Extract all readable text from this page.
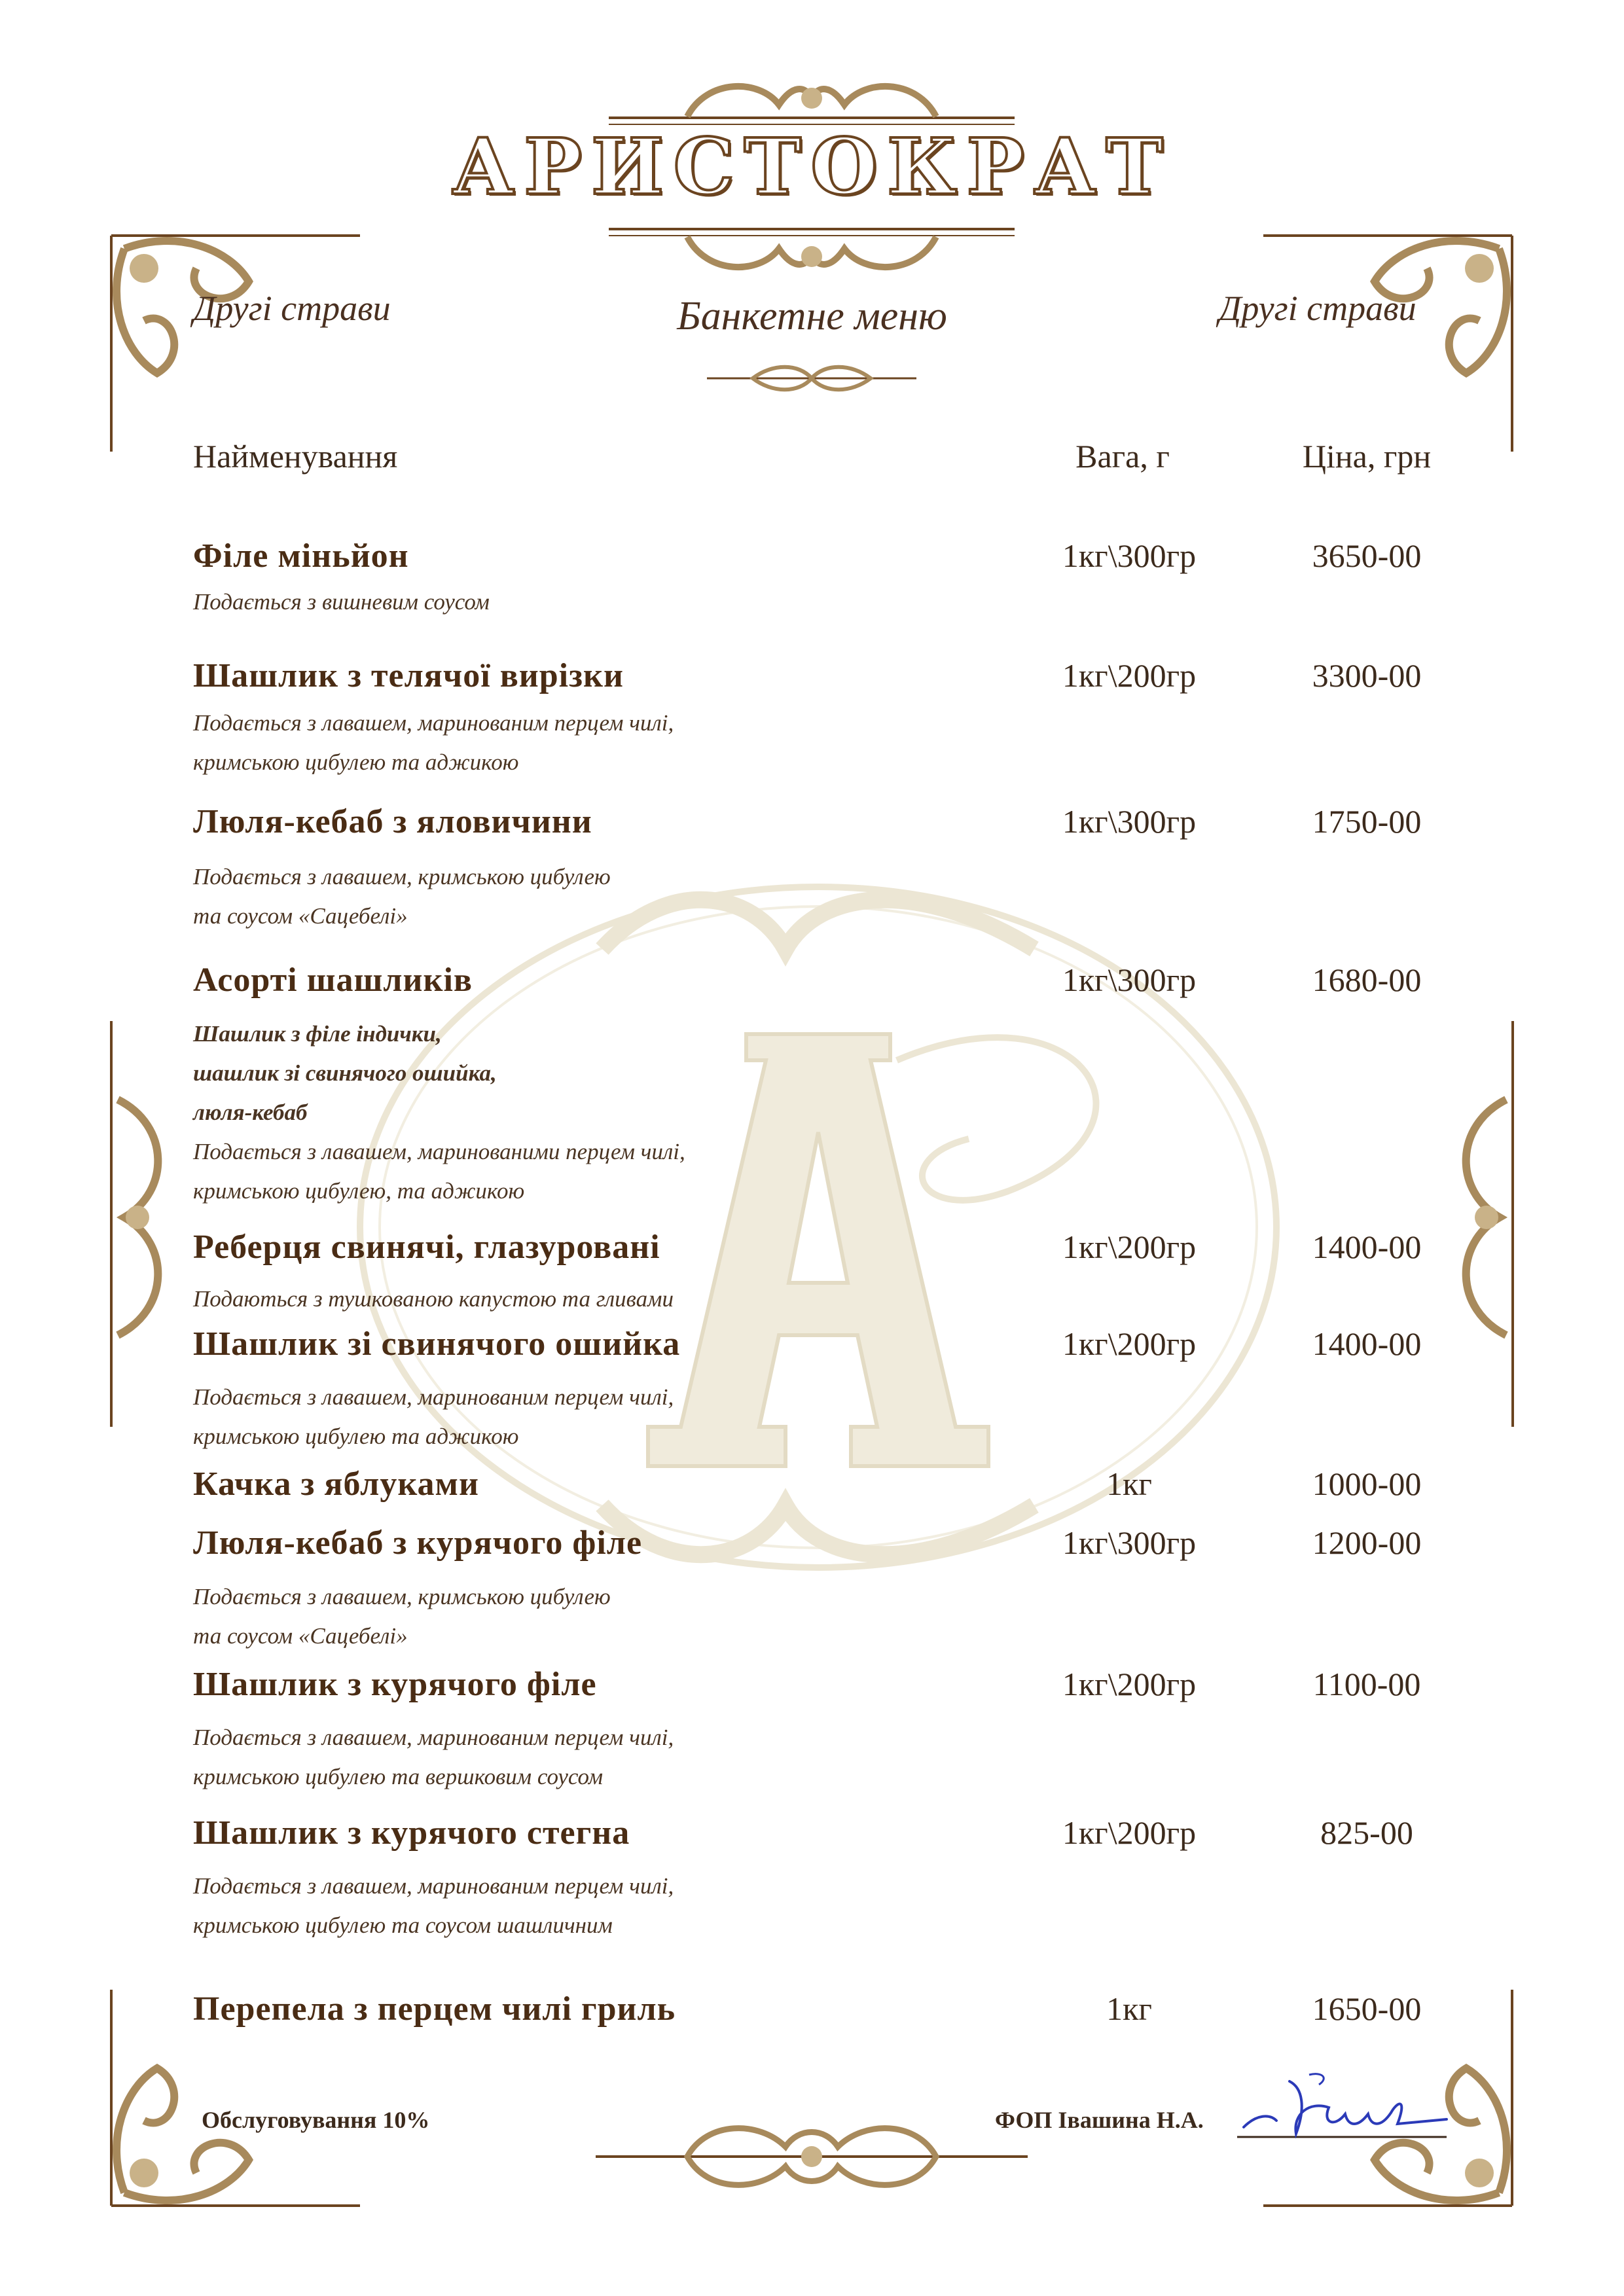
АРИСТОКРАТ
Другі страви	Банкетне меню	Другі страви
Найменування	Вага, г	Ціна, грн
Філе міньйон	1кг\300гр	3650-00
Подається з вишневим соусом
Шашлик з телячої вирізки	1кг\200гр	3300-00
Подається з лавашем, маринованим перцем чилі,
кримською цибулею та аджикою
Люля-кебаб з яловичини	1кг\300гр	1750-00
Подається з лавашем, кримською цибулею
та соусом «Сацебелі»
Асорті шашликів	1кг\300гр	1680-00
Шашлик з філе індички,
шашлик зі свинячого ошийка,
люля-кебаб
Подається з лавашем, маринованими перцем чилі,
кримською цибулею, та аджикою
Реберця свинячі, глазуровані	1кг\200гр	1400-00
Подаються з тушкованою капустою та гливами
Шашлик зі свинячого ошийка	1кг\200гр	1400-00
Подається з лавашем, маринованим перцем чилі,
кримською цибулею та аджикою
Качка з яблуками	1кг	1000-00
Люля-кебаб з курячого філе	1кг\300гр	1200-00
Подається з лавашем, кримською цибулею
та соусом «Сацебелі»
Шашлик з курячого філе	1кг\200гр	1100-00
Подається з лавашем, маринованим перцем чилі,
кримською цибулею та вершковим соусом
Шашлик з курячого стегна	1кг\200гр	825-00
Подається з лавашем, маринованим перцем чилі,
кримською цибулею та соусом шашличним
Перепела з перцем чилі гриль	1кг	1650-00
Обслуговування 10%	ФОП Івашина Н.А.
